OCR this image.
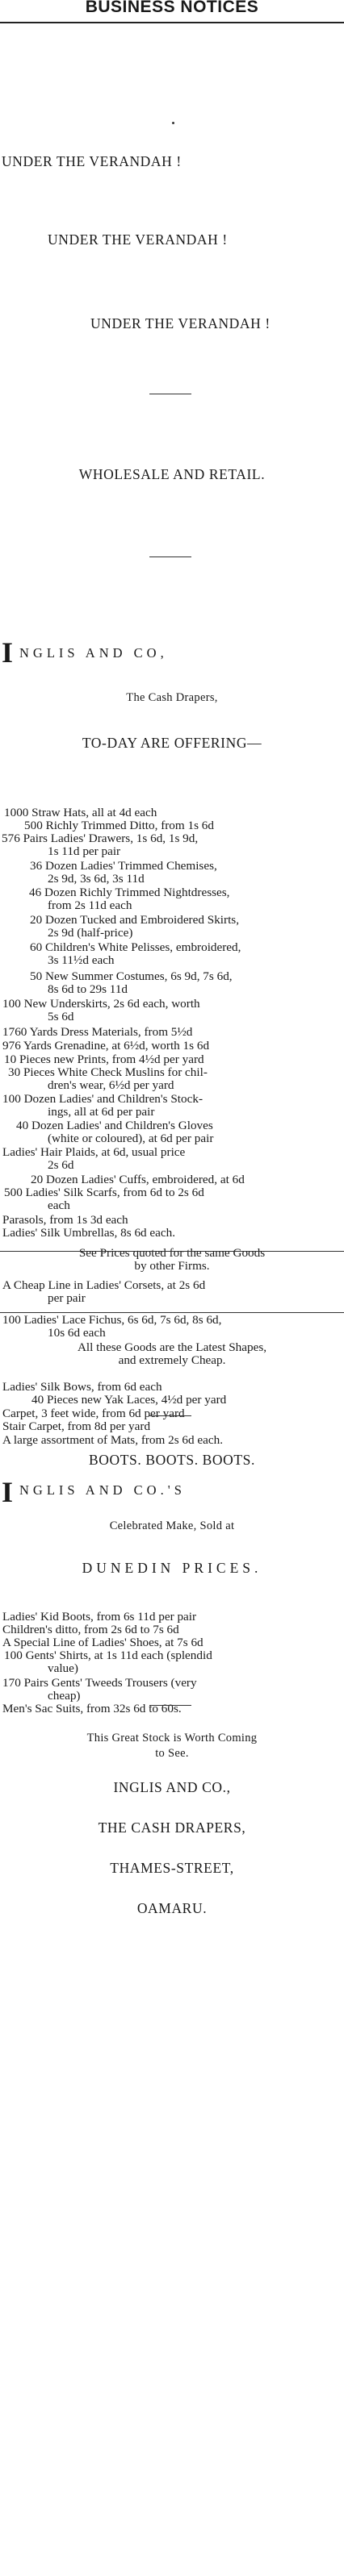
BUSINESS NOTICES
UNDER THE VERANDAH !
UNDER THE VERANDAH !
UNDER THE VERANDAH !
WHOLESALE AND RETAIL.
I NGLIS AND CO,
The Cash Drapers,
TO-DAY ARE OFFERING—
1000 Straw Hats, all at 4d each
500 Richly Trimmed Ditto, from 1s 6d
576 Pairs Ladies' Drawers, 1s 6d, 1s 9d,
1s 11d per pair
36 Dozen Ladies' Trimmed Chemises,
2s 9d, 3s 6d, 3s 11d
46 Dozen Richly Trimmed Nightdresses,
from 2s 11d each
20 Dozen Tucked and Embroidered Skirts,
2s 9d (half-price)
60 Children's White Pelisses, embroidered,
3s 11½d each
50 New Summer Costumes, 6s 9d, 7s 6d,
8s 6d to 29s 11d
100 New Underskirts, 2s 6d each, worth
5s 6d
1760 Yards Dress Materials, from 5½d
976 Yards Grenadine, at 6½d, worth 1s 6d
10 Pieces new Prints, from 4½d per yard
30 Pieces White Check Muslins for chil-
dren's wear, 6½d per yard
100 Dozen Ladies' and Children's Stock-
ings, all at 6d per pair
40 Dozen Ladies' and Children's Gloves
(white or coloured), at 6d per pair
Ladies' Hair Plaids, at 6d, usual price
2s 6d
20 Dozen Ladies' Cuffs, embroidered, at 6d
500 Ladies' Silk Scarfs, from 6d to 2s 6d
each
Parasols, from 1s 3d each
Ladies' Silk Umbrellas, 8s 6d each.
See Prices quoted for the same Goods
by other Firms.
A Cheap Line in Ladies' Corsets, at 2s 6d
per pair
100 Ladies' Lace Fichus, 6s 6d, 7s 6d, 8s 6d,
10s 6d each
All these Goods are the Latest Shapes,
and extremely Cheap.
Ladies' Silk Bows, from 6d each
40 Pieces new Yak Laces, 4½d per yard
Carpet, 3 feet wide, from 6d per yard
Stair Carpet, from 8d per yard
A large assortment of Mats, from 2s 6d each.
BOOTS. BOOTS. BOOTS.
I NGLIS AND CO.'S
Celebrated Make, Sold at
DUNEDIN PRICES.
Ladies' Kid Boots, from 6s 11d per pair
Children's ditto, from 2s 6d to 7s 6d
A Special Line of Ladies' Shoes, at 7s 6d
100 Gents' Shirts, at 1s 11d each (splendid
value)
170 Pairs Gents' Tweeds Trousers (very
cheap)
Men's Sac Suits, from 32s 6d to 60s.
This Great Stock is Worth Coming
to See.
INGLIS AND CO.,
THE CASH DRAPERS,
THAMES-STREET,
OAMARU.
